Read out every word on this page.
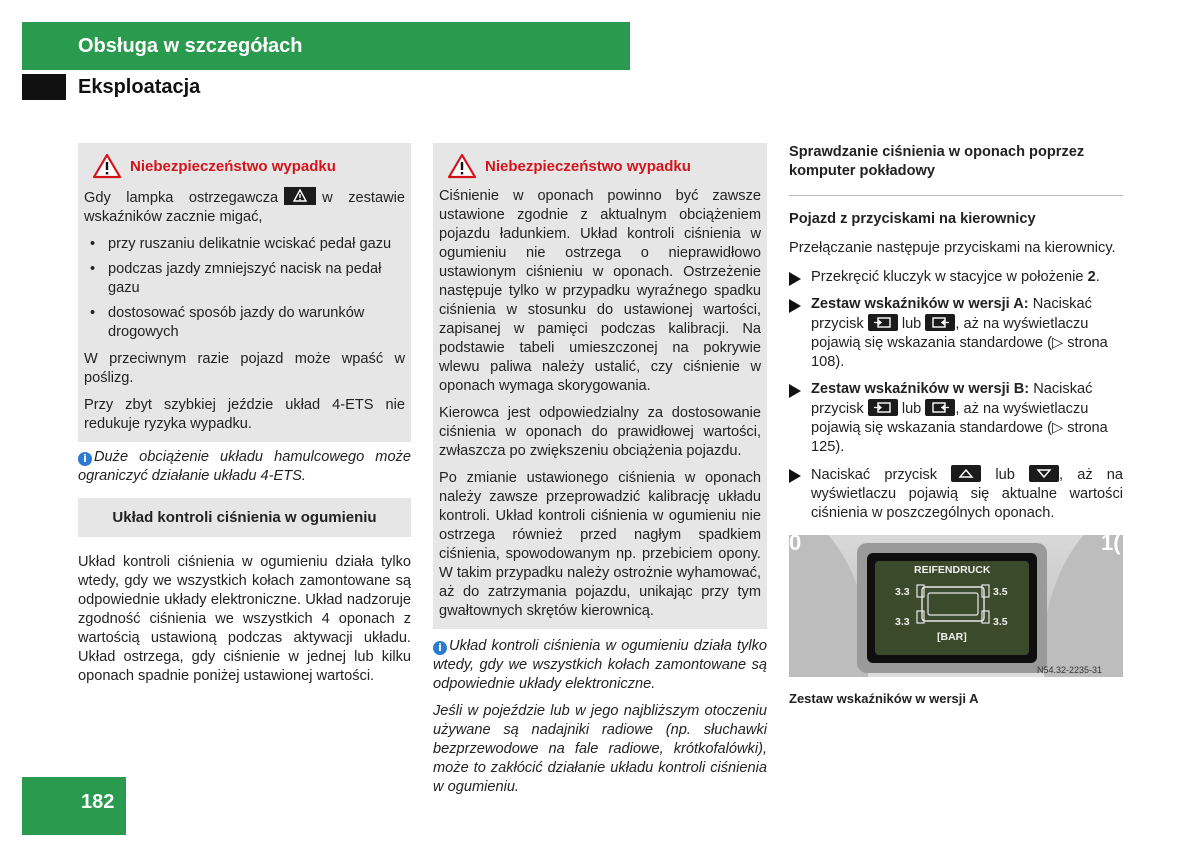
Obsługa w szczegółach
Eksploatacja
Niebezpieczeństwo wypadku

Gdy lampka ostrzegawcza	w zestawie wskaźników zacznie migać,

• przy ruszaniu delikatnie wciskać pedał gazu
• podczas jazdy zmniejszyć nacisk na pedał gazu
• dostosować sposób jazdy do warunków drogowych

W przeciwnym razie pojazd może wpaść w poślizg.

Przy zbyt szybkiej jeździe układ 4-ETS nie redukuje ryzyka wypadku.

i Duże obciążenie układu hamulcowego może ograniczyć działanie układu 4-ETS.

Układ kontroli ciśnienia w ogumieniu

Układ kontroli ciśnienia w ogumieniu działa tylko wtedy, gdy we wszystkich kołach zamontowane są odpowiednie układy elektroniczne. Układ nadzoruje zgodność ciśnienia we wszystkich 4 oponach z wartością ustawioną podczas aktywacji układu. Układ ostrzega, gdy ciśnienie w jednej lub kilku oponach spadnie poniżej ustawionej wartości.

Niebezpieczeństwo wypadku

Ciśnienie w oponach powinno być zawsze ustawione zgodnie z aktualnym obciążeniem pojazdu ładunkiem. Układ kontroli ciśnienia w ogumieniu nie ostrzega o nieprawidłowo ustawionym ciśnieniu w oponach. Ostrzeżenie następuje tylko w przypadku wyraźnego spadku ciśnienia w stosunku do ustawionej wartości, zapisanej w pamięci podczas kalibracji. Na podstawie tabeli umieszczonej na pokrywie wlewu paliwa należy ustalić, czy ciśnienie w oponach wymaga skorygowania.

Kierowca jest odpowiedzialny za dostosowanie ciśnienia w oponach do prawidłowej wartości, zwłaszcza po zwiększeniu obciążenia pojazdu.

Po zmianie ustawionego ciśnienia w oponach należy zawsze przeprowadzić kalibrację układu kontroli. Układ kontroli ciśnienia w ogumieniu nie ostrzega również przed nagłym spadkiem ciśnienia, spowodowanym np. przebiciem opony. W takim przypadku należy ostrożnie wyhamować, aż do zatrzymania pojazdu, unikając przy tym gwałtownych skrętów kierownicą.

i Układ kontroli ciśnienia w ogumieniu działa tylko wtedy, gdy we wszystkich kołach zamontowane są odpowiednie układy elektroniczne.

Jeśli w pojeździe lub w jego najbliższym otoczeniu używane są nadajniki radiowe (np. słuchawki bezprzewodowe na fale radiowe, krótkofalówki), może to zakłócić działanie układu kontroli ciśnienia w ogumieniu.

Sprawdzanie ciśnienia w oponach poprzez komputer pokładowy

Pojazd z przyciskami na kierownicy

Przełączanie następuje przyciskami na kierownicy.

Przekręcić kluczyk w stacyjce w położenie 2.
Zestaw wskaźników w wersji A: Naciskać przycisk	lub , aż na wyświetlaczu pojawią się wskazania standardowe (▷ strona 108).
Zestaw wskaźników w wersji B: Naciskać przycisk	lub , aż na wyświetlaczu pojawią się wskazania standardowe (▷ strona 125).
Naciskać przycisk	lub	, aż na wyświetlaczu pojawią się aktualne wartości ciśnienia w poszczególnych oponach.
0	1(
REIFENDRUCK
3.3	3.5
3.3	3.5
[BAR]
N54.32-2235-31
Zestaw wskaźników w wersji A
182
